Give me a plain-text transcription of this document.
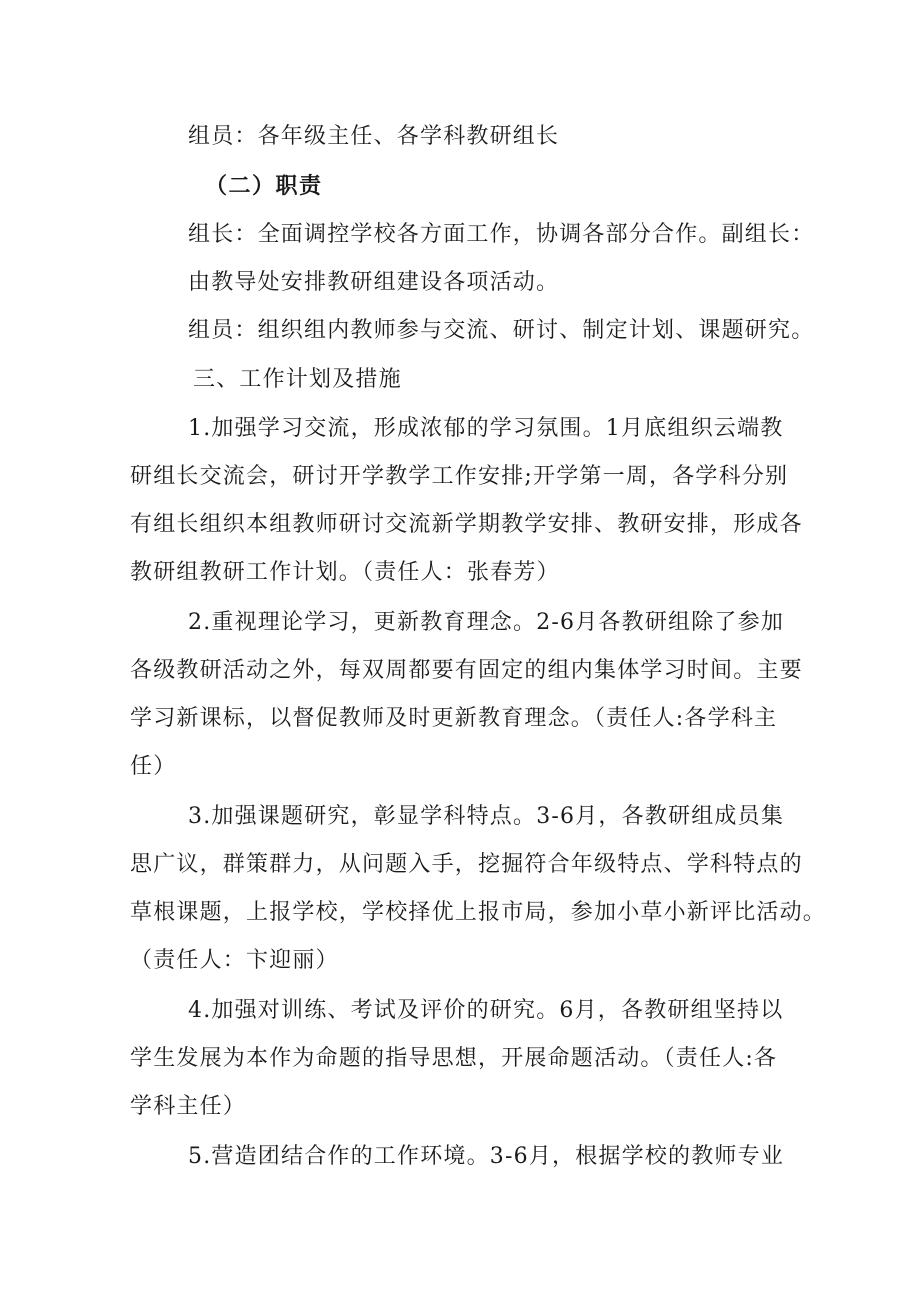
组员：各年级主任、各学科教研组长
（二）职责
组长：全面调控学校各方面工作，协调各部分合作。副组长：
由教导处安排教研组建设各项活动。
组员：组织组内教师参与交流、研讨、制定计划、课题研究。
三、工作计划及措施
1.加强学习交流，形成浓郁的学习氛围。1月底组织云端教
研组长交流会，研讨开学教学工作安排;开学第一周，各学科分别
有组长组织本组教师研讨交流新学期教学安排、教研安排，形成各
教研组教研工作计划。（责任人：张春芳）
2.重视理论学习，更新教育理念。2-6月各教研组除了参加
各级教研活动之外，每双周都要有固定的组内集体学习时间。主要
学习新课标，以督促教师及时更新教育理念。（责任人:各学科主
任）
3.加强课题研究，彰显学科特点。3-6月，各教研组成员集
思广议，群策群力，从问题入手，挖掘符合年级特点、学科特点的
草根课题，上报学校，学校择优上报市局，参加小草小新评比活动。
（责任人：卞迎丽）
4.加强对训练、考试及评价的研究。6月，各教研组坚持以
学生发展为本作为命题的指导思想，开展命题活动。（责任人:各
学科主任）
5.营造团结合作的工作环境。3-6月，根据学校的教师专业
